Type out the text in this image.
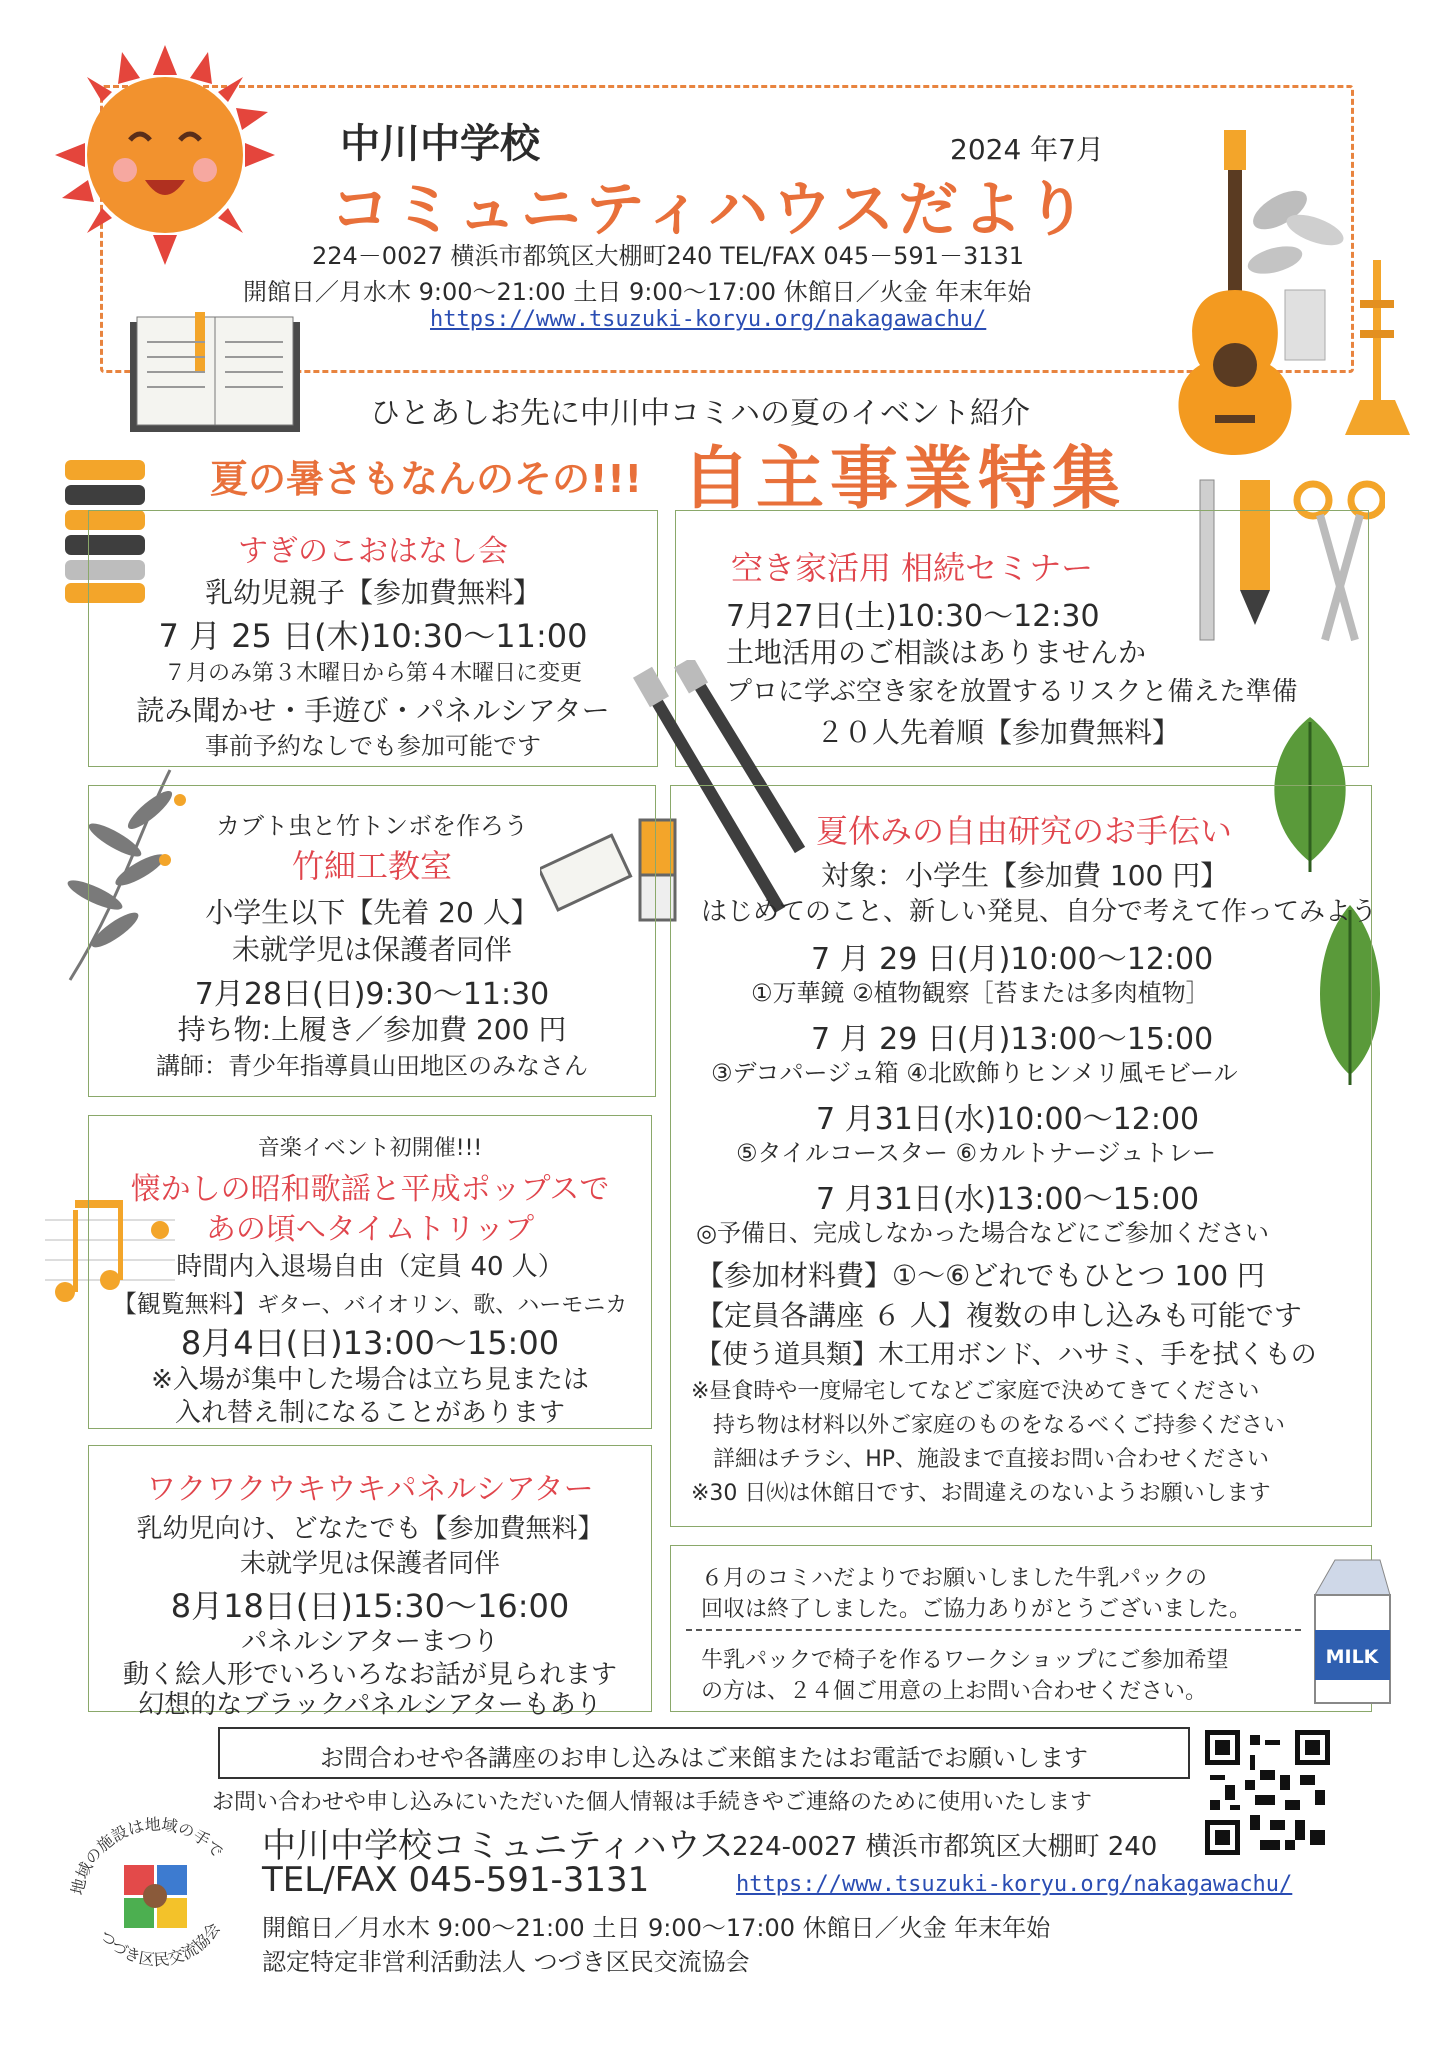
中川中学校	2024 年7月
コミュニティハウスだより
224－0027 横浜市都筑区大棚町240 TEL/FAX 045－591－3131
開館日／月水木 9:00～21:00 土日 9:00～17:00 休館日／火金 年末年始
https://www.tsuzuki-koryu.org/nakagawachu/
ひとあしお先に中川中コミハの夏のイベント紹介
夏の暑さもなんのその!!! 自主事業特集
すぎのこおはなし会
乳幼児親子【参加費無料】
7 月 25 日(木)10:30～11:00
７月のみ第３木曜日から第４木曜日に変更
読み聞かせ・手遊び・パネルシアター
事前予約なしでも参加可能です
空き家活用 相続セミナー
7月27日(土)10:30～12:30
土地活用のご相談はありませんか
プロに学ぶ空き家を放置するリスクと備えた準備
２０人先着順【参加費無料】
カブト虫と竹トンボを作ろう
竹細工教室
小学生以下【先着 20 人】
未就学児は保護者同伴
7月28日(日)9:30～11:30
持ち物:上履き／参加費 200 円
講師：青少年指導員山田地区のみなさん
音楽イベント初開催!!!
懐かしの昭和歌謡と平成ポップスで
あの頃へタイムトリップ
時間内入退場自由（定員 40 人）
【観覧無料】ギター、バイオリン、歌、ハーモニカ
8月4日(日)13:00～15:00
※入場が集中した場合は立ち見または
入れ替え制になることがあります
ワクワクウキウキパネルシアター
乳幼児向け、どなたでも【参加費無料】
未就学児は保護者同伴
8月18日(日)15:30～16:00
パネルシアターまつり
動く絵人形でいろいろなお話が見られます
幻想的なブラックパネルシアターもあり
夏休みの自由研究のお手伝い
対象：小学生【参加費 100 円】
はじめてのこと、新しい発見、自分で考えて作ってみよう
7 月 29 日(月)10:00～12:00
①万華鏡 ②植物観察［苔または多肉植物］
7 月 29 日(月)13:00～15:00
③デコパージュ箱 ④北欧飾りヒンメリ風モビール
7 月31日(水)10:00～12:00
⑤タイルコースター ⑥カルトナージュトレー
7 月31日(水)13:00～15:00
◎予備日、完成しなかった場合などにご参加ください
【参加材料費】①～⑥どれでもひとつ 100 円
【定員各講座 ６ 人】複数の申し込みも可能です
【使う道具類】木工用ボンド、ハサミ、手を拭くもの
※昼食時や一度帰宅してなどご家庭で決めてきてください
持ち物は材料以外ご家庭のものをなるべくご持参ください
詳細はチラシ、HP、施設まで直接お問い合わせください
※30 日㈫は休館日です、お間違えのないようお願いします
６月のコミハだよりでお願いしました牛乳パックの
回収は終了しました。ご協力ありがとうございました。
牛乳パックで椅子を作るワークショップにご参加希望
の方は、２４個ご用意の上お問い合わせください。
MILK
お問合わせや各講座のお申し込みはご来館またはお電話でお願いします
お問い合わせや申し込みにいただいた個人情報は手続きやご連絡のために使用いたします
地域の施設は地域の手で
つづき区民交流協会
中川中学校コミュニティハウス
224-0027 横浜市都筑区大棚町 240
TEL/FAX 045-591-3131	https://www.tsuzuki-koryu.org/nakagawachu/
開館日／月水木 9:00～21:00 土日 9:00～17:00 休館日／火金 年末年始
認定特定非営利活動法人 つづき区民交流協会
